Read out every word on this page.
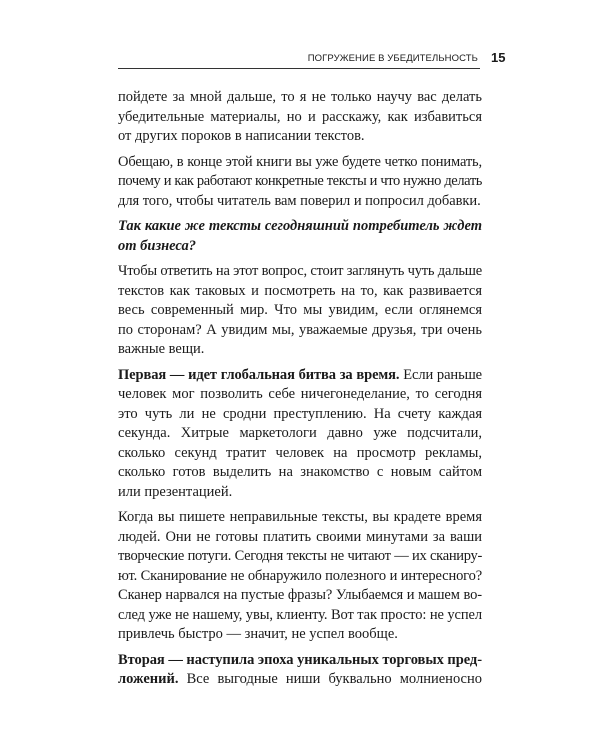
ПОГРУЖЕНИЕ В УБЕДИТЕЛЬНОСТЬ 15
пойдете за мной дальше, то я не только научу вас делать
убедительные материалы, но и расскажу, как избавиться
от других пороков в написании текстов.
Обещаю, в конце этой книги вы уже будете четко понимать,
почему и как работают конкретные тексты и что нужно делать
для того, чтобы читатель вам поверил и попросил добавки.
Так какие же тексты сегодняшний потребитель ждет
от бизнеса?
Чтобы ответить на этот вопрос, стоит заглянуть чуть дальше
текстов как таковых и посмотреть на то, как развивается
весь современный мир. Что мы увидим, если оглянемся
по сторонам? А увидим мы, уважаемые друзья, три очень
важные вещи.
Первая — идет глобальная битва за время. Если раньше
человек мог позволить себе ничегонеделание, то сегодня
это чуть ли не сродни преступлению. На счету каждая
секунда. Хитрые маркетологи давно уже подсчитали,
сколько секунд тратит человек на просмотр рекламы,
сколько готов выделить на знакомство с новым сайтом
или презентацией.
Когда вы пишете неправильные тексты, вы крадете время
людей. Они не готовы платить своими минутами за ваши
творческие потуги. Сегодня тексты не читают — их сканиру-
ют. Сканирование не обнаружило полезного и интересного?
Сканер нарвался на пустые фразы? Улыбаемся и машем во-
след уже не нашему, увы, клиенту. Вот так просто: не успел
привлечь быстро — значит, не успел вообще.
Вторая — наступила эпоха уникальных торговых пред-
ложений. Все выгодные ниши буквально молниеносно
